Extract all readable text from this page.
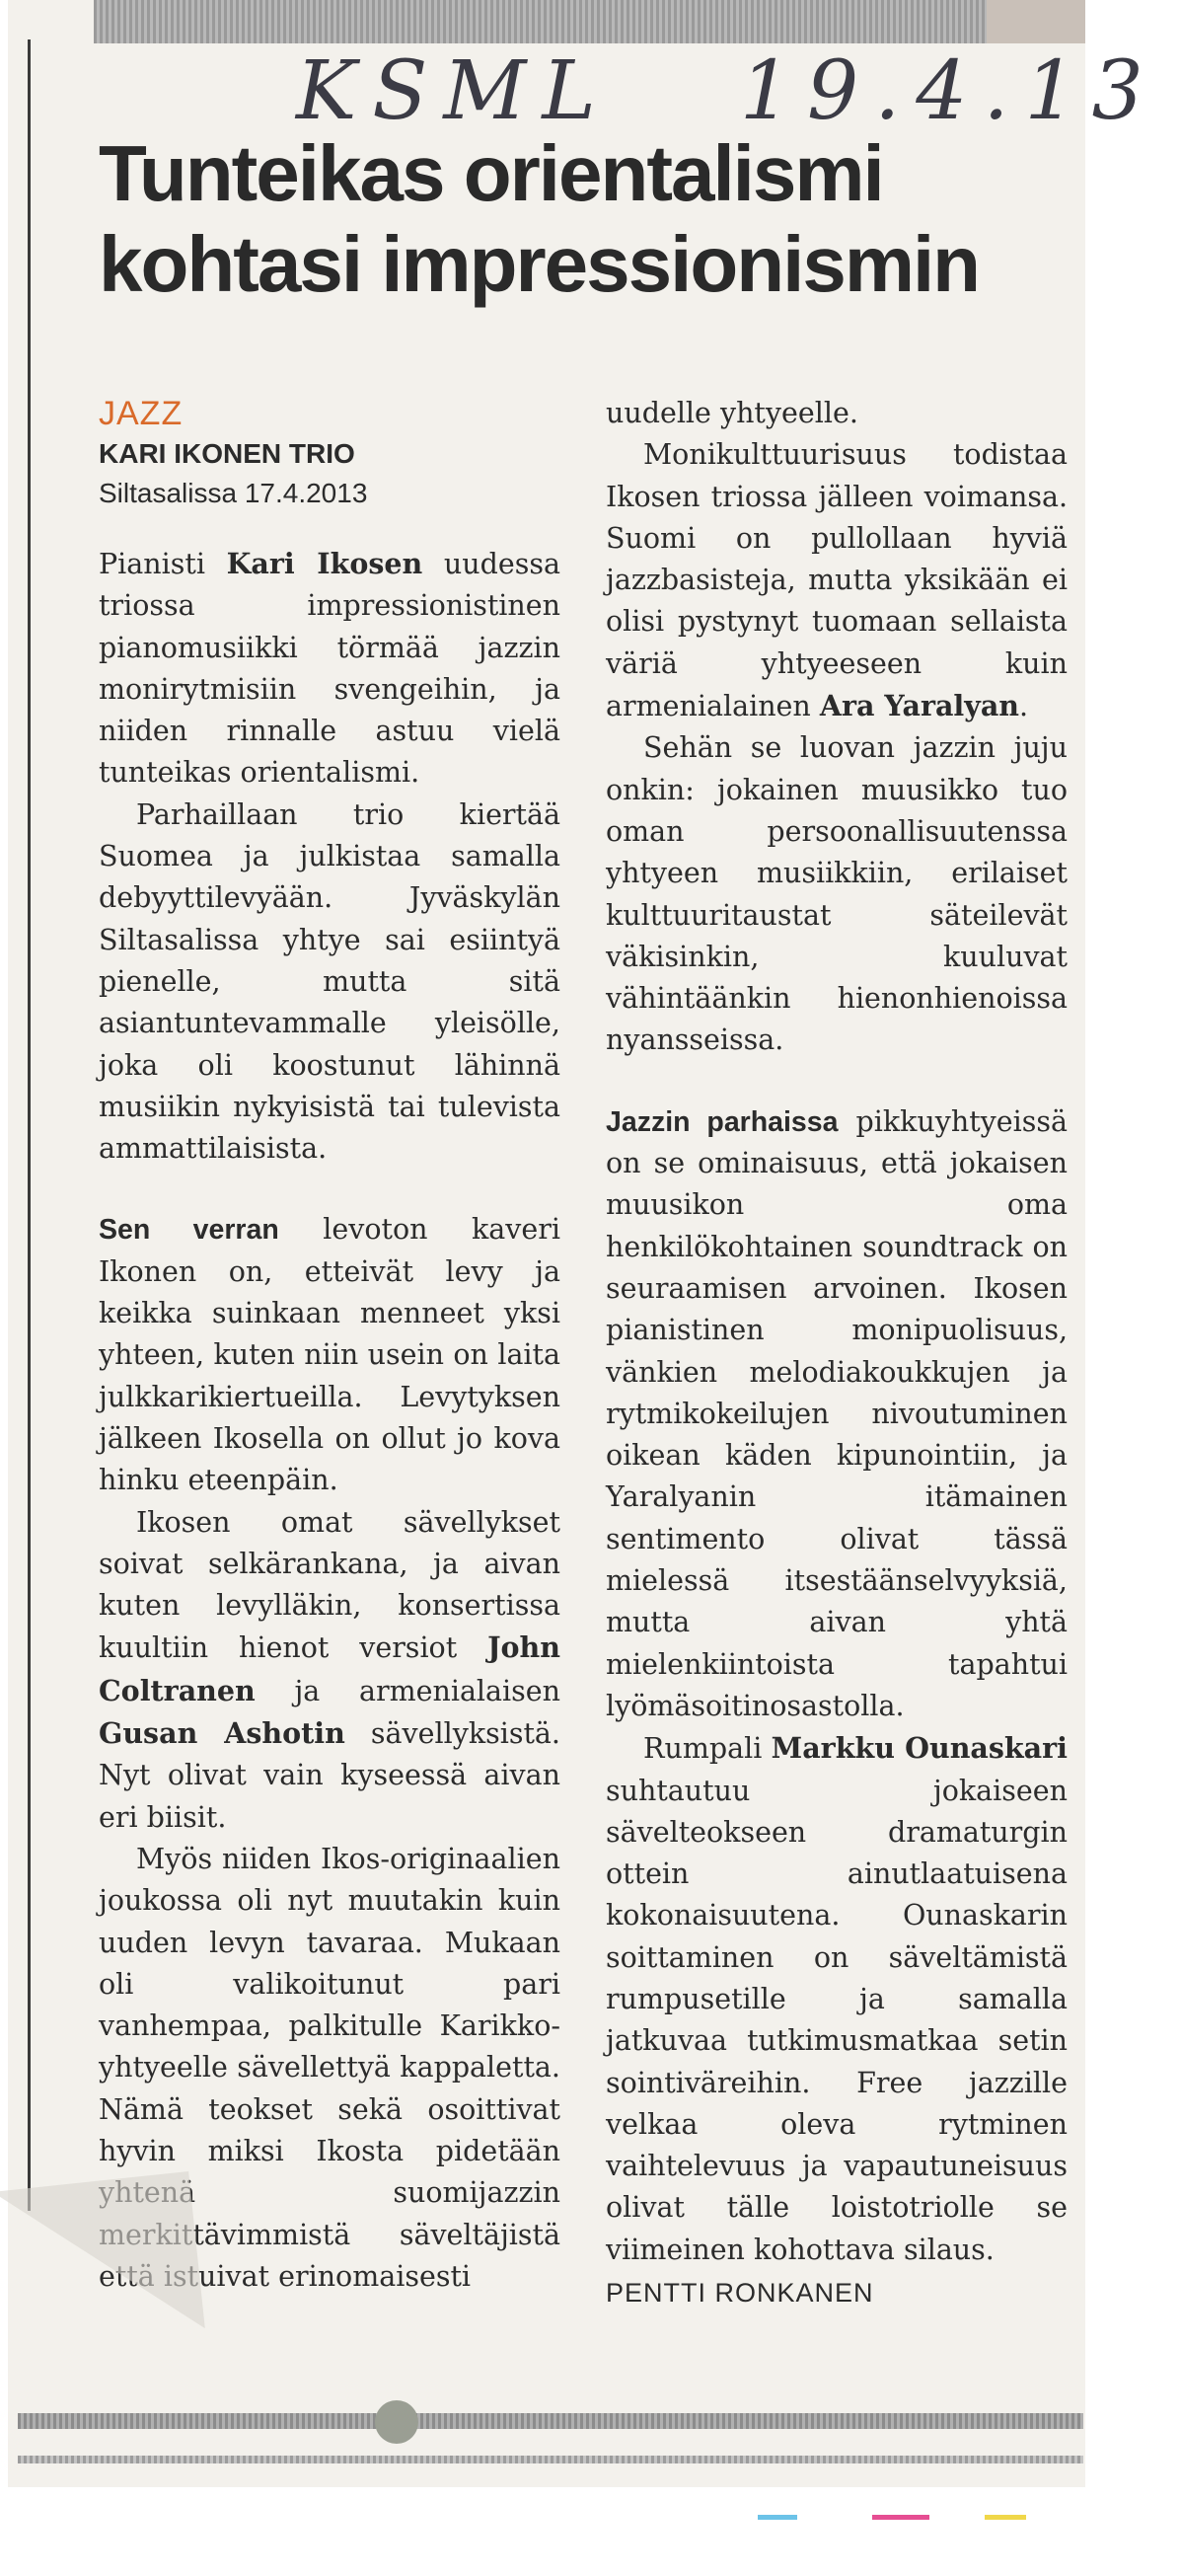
KSML 19.4.13
Tunteikas orientalismi
kohtasi impressionismin
JAZZ
KARI IKONEN TRIO
Siltasalissa 17.4.2013

Pianisti Kari Ikosen uudessa triossa impressionistinen pianomusiikki törmää jazzin monirytmisiin svengeihin, ja niiden rinnalle astuu vielä tunteikas orientalismi.

Parhaillaan trio kiertää Suomea ja julkistaa samalla debyyttilevyään. Jyväskylän Siltasalissa yhtye sai esiintyä pienelle, mutta sitä asiantuntevammalle yleisölle, joka oli koostunut lähinnä musiikin nykyisistä tai tulevista ammattilaisista.

Sen verran levoton kaveri Ikonen on, etteivät levy ja keikka suinkaan menneet yksi yhteen, kuten niin usein on laita julkkarikiertueilla. Levytyksen jälkeen Ikosella on ollut jo kova hinku eteenpäin.

Ikosen omat sävellykset soivat selkärankana, ja aivan kuten levylläkin, konsertissa kuultiin hienot versiot John Coltranen ja armenialaisen Gusan Ashotin sävellyksistä. Nyt olivat vain kyseessä aivan eri biisit.

Myös niiden Ikos-originaalien joukossa oli nyt muutakin kuin uuden levyn tavaraa. Mukaan oli valikoitunut pari vanhempaa, palkitulle Karikko-yhtyeelle sävellettyä kappaletta. Nämä teokset sekä osoittivat hyvin miksi Ikosta pidetään yhtenä suomijazzin merkittävimmistä säveltäjistä että istuivat erinomaisesti

uudelle yhtyeelle.

Monikulttuurisuus todistaa Ikosen triossa jälleen voimansa. Suomi on pullollaan hyviä jazzbasisteja, mutta yksikään ei olisi pystynyt tuomaan sellaista väriä yhtyeeseen kuin armenialainen Ara Yaralyan.

Sehän se luovan jazzin juju onkin: jokainen muusikko tuo oman persoonallisuutenssa yhtyeen musiikkiin, erilaiset kulttuuritaustat säteilevät väkisinkin, kuuluvat vähintäänkin hienonhienoissa nyansseissa.

Jazzin parhaissa pikkuyhtyeissä on se ominaisuus, että jokaisen muusikon oma henkilökohtainen soundtrack on seuraamisen arvoinen. Ikosen pianistinen monipuolisuus, vänkien melodiakoukkujen ja rytmikokeilujen nivoutuminen oikean käden kipunointiin, ja Yaralyanin itämainen sentimento olivat tässä mielessä itsestäänselvyyksiä, mutta aivan yhtä mielenkiintoista tapahtui lyömäsoitinosastolla.

Rumpali Markku Ounaskari suhtautuu jokaiseen sävelteokseen dramaturgin ottein ainutlaatuisena kokonaisuutena. Ounaskarin soittaminen on säveltämistä rumpusetille ja samalla jatkuvaa tutkimusmatkaa setin sointiväreihin. Free jazzille velkaa oleva rytminen vaihtelevuus ja vapautuneisuus olivat tälle loistotriolle se viimeinen kohottava silaus.

PENTTI RONKANEN
